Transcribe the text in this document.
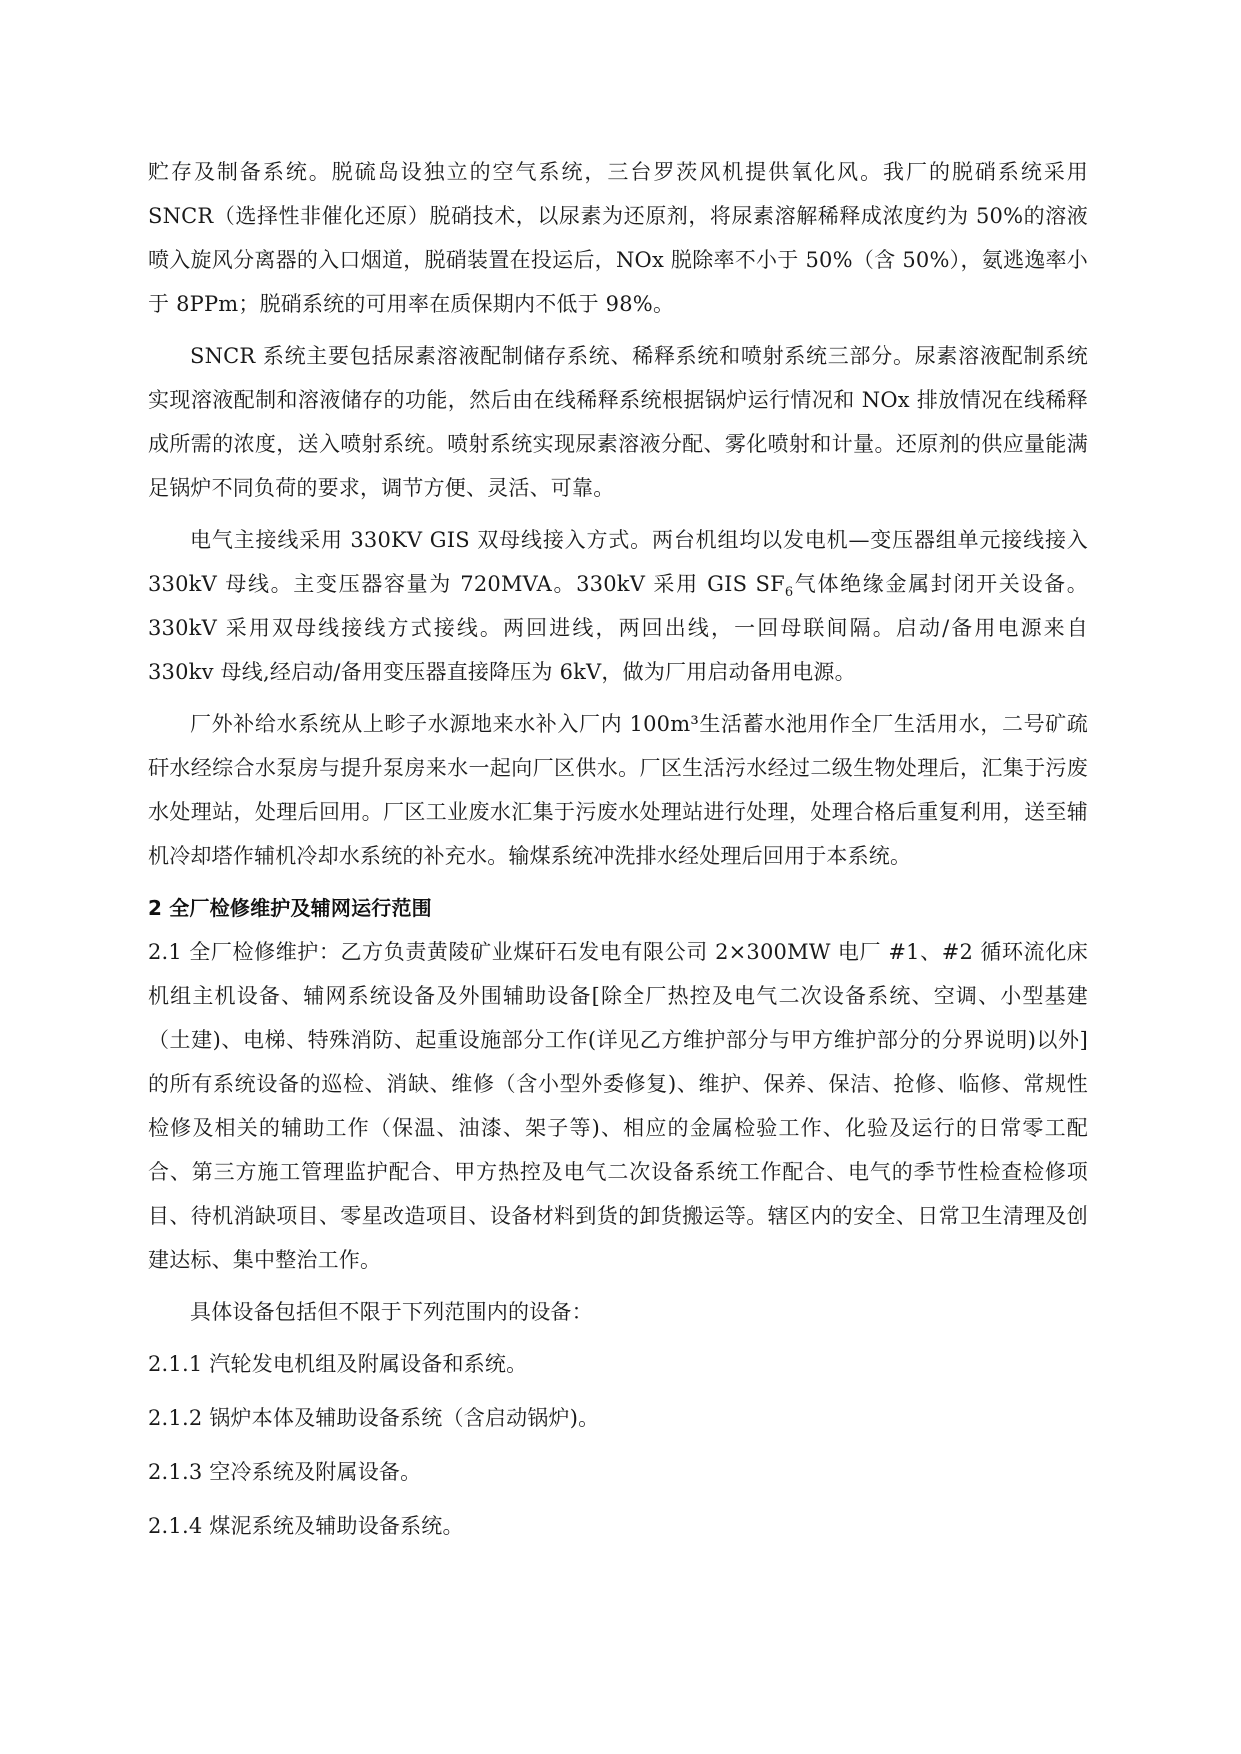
贮存及制备系统。脱硫岛设独立的空气系统，三台罗茨风机提供氧化风。我厂的脱硝系统采用 SNCR（选择性非催化还原）脱硝技术，以尿素为还原剂，将尿素溶解稀释成浓度约为 50%的溶液喷入旋风分离器的入口烟道，脱硝装置在投运后，NOx 脱除率不小于 50%（含 50%），氨逃逸率小于 8PPm；脱硝系统的可用率在质保期内不低于 98%。

SNCR 系统主要包括尿素溶液配制储存系统、稀释系统和喷射系统三部分。尿素溶液配制系统实现溶液配制和溶液储存的功能，然后由在线稀释系统根据锅炉运行情况和 NOx 排放情况在线稀释成所需的浓度，送入喷射系统。喷射系统实现尿素溶液分配、雾化喷射和计量。还原剂的供应量能满足锅炉不同负荷的要求，调节方便、灵活、可靠。

电气主接线采用 330KV GIS 双母线接入方式。两台机组均以发电机—变压器组单元接线接入 330kV 母线。主变压器容量为 720MVA。330kV 采用 GIS $SF_6$气体绝缘金属封闭开关设备。330kV 采用双母线接线方式接线。两回进线，两回出线，一回母联间隔。启动/备用电源来自 330kv 母线,经启动/备用变压器直接降压为 6kV，做为厂用启动备用电源。

厂外补给水系统从上畛子水源地来水补入厂内 100m³生活蓄水池用作全厂生活用水，二号矿疏矸水经综合水泵房与提升泵房来水一起向厂区供水。厂区生活污水经过二级生物处理后，汇集于污废水处理站，处理后回用。厂区工业废水汇集于污废水处理站进行处理，处理合格后重复利用，送至辅机冷却塔作辅机冷却水系统的补充水。输煤系统冲洗排水经处理后回用于本系统。

2 全厂检修维护及辅网运行范围

2.1 全厂检修维护：乙方负责黄陵矿业煤矸石发电有限公司 2×300MW 电厂 #1、#2 循环流化床机组主机设备、辅网系统设备及外围辅助设备[除全厂热控及电气二次设备系统、空调、小型基建（土建)、电梯、特殊消防、起重设施部分工作(详见乙方维护部分与甲方维护部分的分界说明)以外]的所有系统设备的巡检、消缺、维修（含小型外委修复)、维护、保养、保洁、抢修、临修、常规性检修及相关的辅助工作（保温、油漆、架子等)、相应的金属检验工作、化验及运行的日常零工配合、第三方施工管理监护配合、甲方热控及电气二次设备系统工作配合、电气的季节性检查检修项目、待机消缺项目、零星改造项目、设备材料到货的卸货搬运等。辖区内的安全、日常卫生清理及创建达标、集中整治工作。

具体设备包括但不限于下列范围内的设备：

2.1.1 汽轮发电机组及附属设备和系统。

2.1.2 锅炉本体及辅助设备系统（含启动锅炉)。

2.1.3 空冷系统及附属设备。

2.1.4 煤泥系统及辅助设备系统。
